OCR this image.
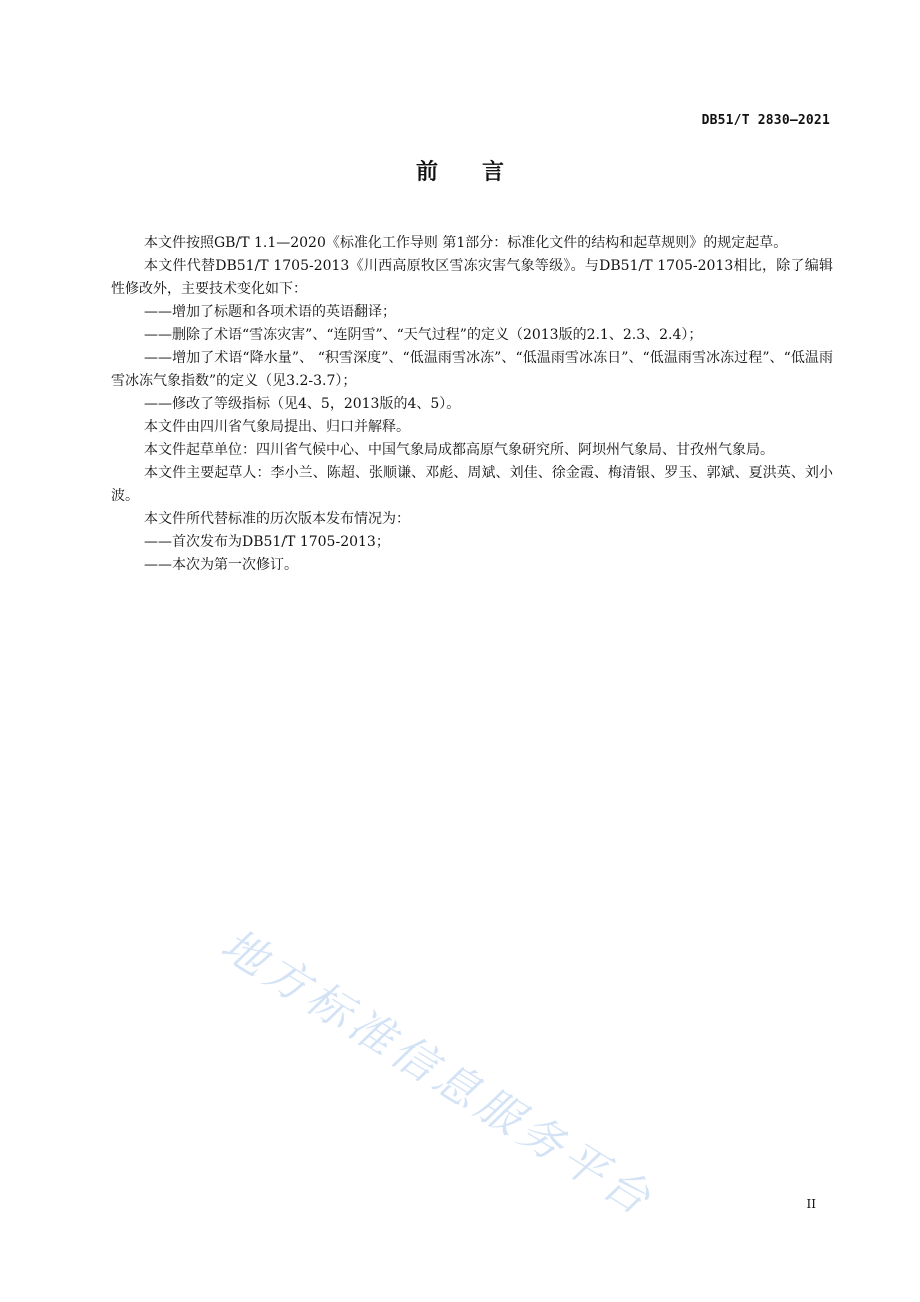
DB51/T 2830—2021
前言

本文件按照GB/T 1.1—2020《标准化工作导则 第1部分：标准化文件的结构和起草规则》的规定起草。

本文件代替DB51/T 1705-2013《川西高原牧区雪冻灾害气象等级》。与DB51/T 1705-2013相比，除了编辑性修改外，主要技术变化如下：

——增加了标题和各项术语的英语翻译；

——删除了术语“雪冻灾害”、“连阴雪”、“天气过程”的定义（2013版的2.1、2.3、2.4）；

——增加了术语“降水量”、 “积雪深度”、“低温雨雪冰冻”、“低温雨雪冰冻日”、“低温雨雪冰冻过程”、“低温雨雪冰冻气象指数”的定义（见3.2-3.7）；

——修改了等级指标（见4、5，2013版的4、5）。

本文件由四川省气象局提出、归口并解释。

本文件起草单位：四川省气候中心、中国气象局成都高原气象研究所、阿坝州气象局、甘孜州气象局。

本文件主要起草人：李小兰、陈超、张顺谦、邓彪、周斌、刘佳、徐金霞、梅清银、罗玉、郭斌、夏洪英、刘小波。

本文件所代替标准的历次版本发布情况为：

——首次发布为DB51/T 1705-2013；

——本次为第一次修订。

地方标准信息服务平台	II
